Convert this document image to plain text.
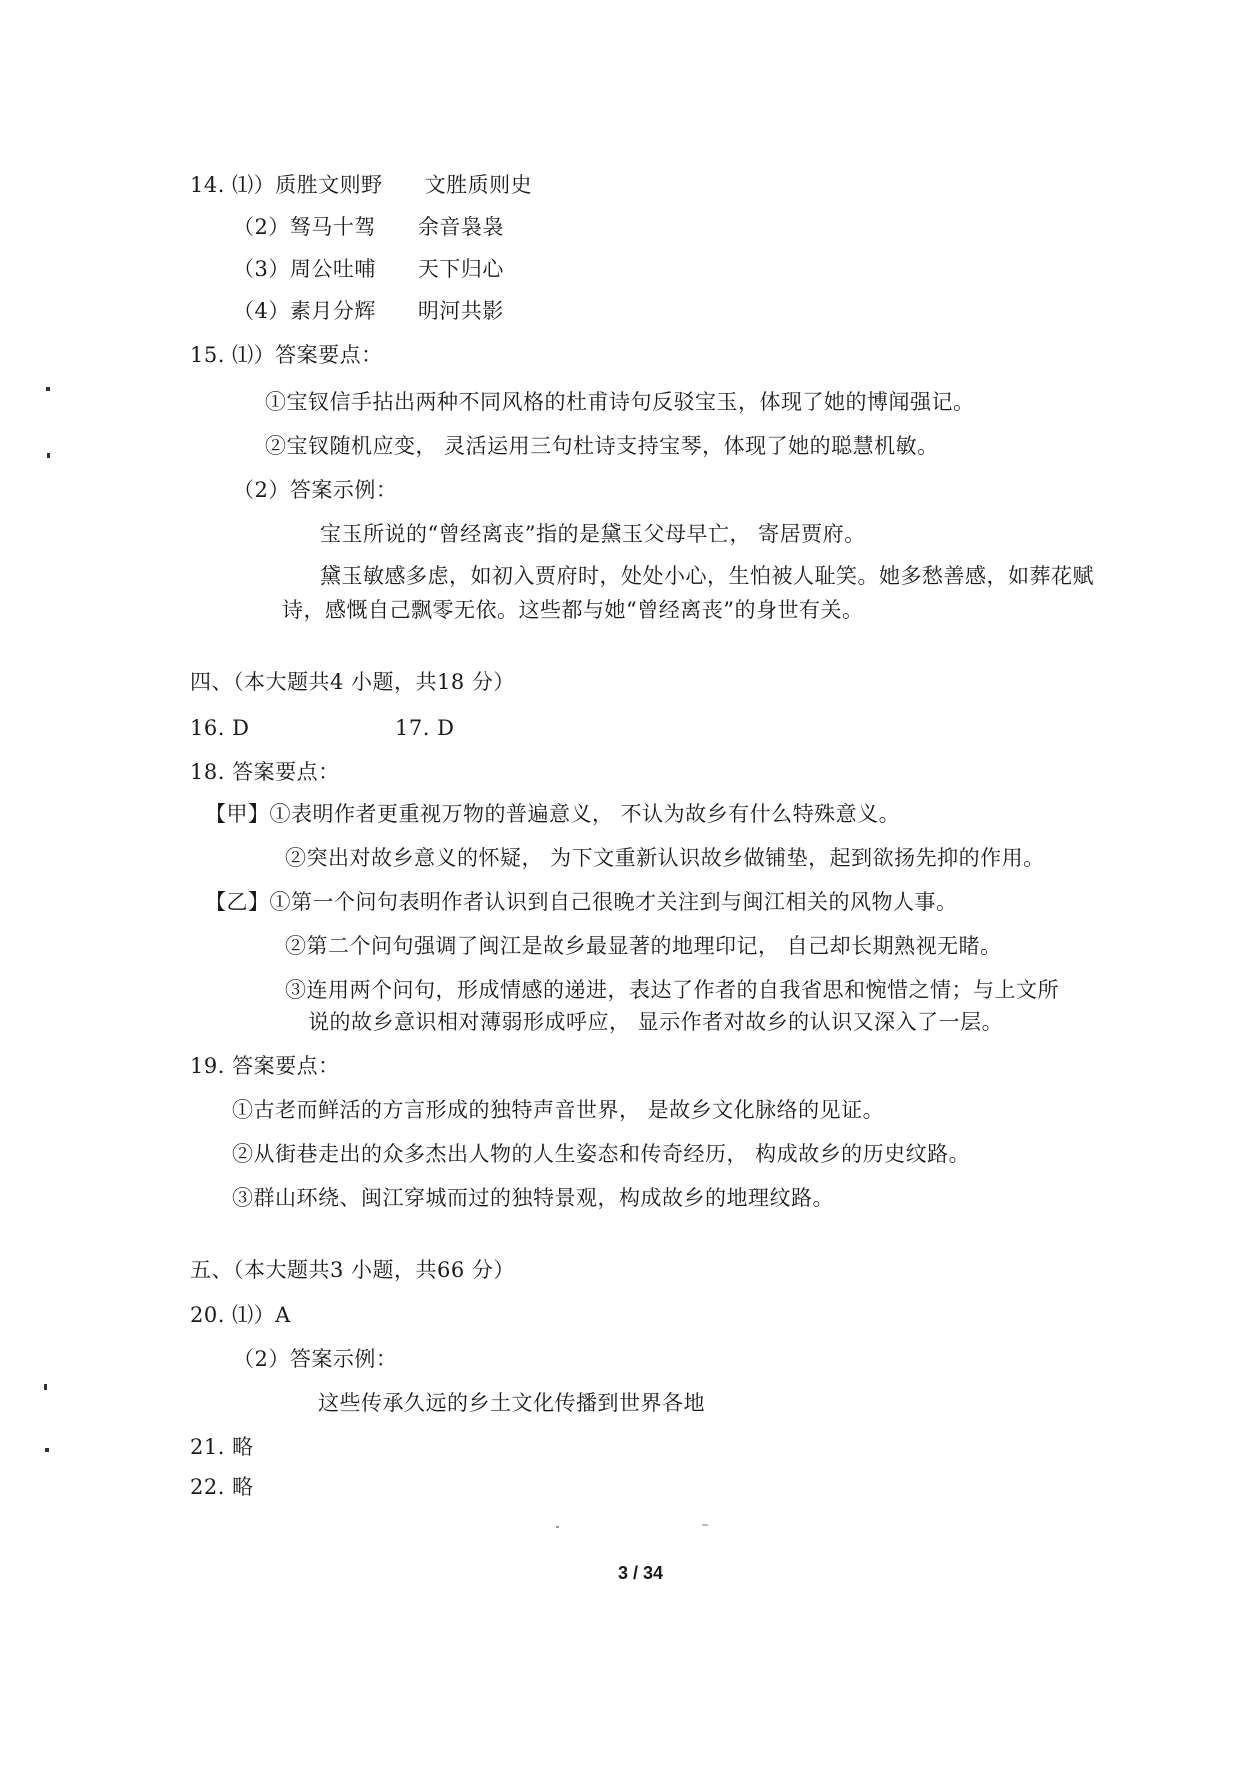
14. ⑴）质胜文则野 文胜质则史
（2）驽马十驾 余音袅袅
（3）周公吐哺 天下归心
（4）素月分辉 明河共影
15. ⑴）答案要点：
①宝钗信手拈出两种不同风格的杜甫诗句反驳宝玉，体现了她的博闻强记。
②宝钗随机应变， 灵活运用三句杜诗支持宝琴，体现了她的聪慧机敏。
（2）答案示例：
宝玉所说的“曾经离丧”指的是黛玉父母早亡， 寄居贾府。
黛玉敏感多虑，如初入贾府时，处处小心，生怕被人耻笑。她多愁善感，如葬花赋
诗，感慨自己飘零无依。这些都与她“曾经离丧”的身世有关。
四、（本大题共4 小题，共18 分）
16. D	17. D
18. 答案要点：
【甲】①表明作者更重视万物的普遍意义， 不认为故乡有什么特殊意义。
②突出对故乡意义的怀疑， 为下文重新认识故乡做铺垫，起到欲扬先抑的作用。
【乙】①第一个问句表明作者认识到自己很晚才关注到与闽江相关的风物人事。
②第二个问句强调了闽江是故乡最显著的地理印记， 自己却长期熟视无睹。
③连用两个问句，形成情感的递进，表达了作者的自我省思和惋惜之情；与上文所
说的故乡意识相对薄弱形成呼应， 显示作者对故乡的认识又深入了一层。
19. 答案要点：
①古老而鲜活的方言形成的独特声音世界， 是故乡文化脉络的见证。
②从街巷走出的众多杰出人物的人生姿态和传奇经历， 构成故乡的历史纹路。
③群山环绕、闽江穿城而过的独特景观，构成故乡的地理纹路。
五、（本大题共3 小题，共66 分）
20. ⑴）A
（2）答案示例：
这些传承久远的乡土文化传播到世界各地
21. 略
22. 略
3 / 34
